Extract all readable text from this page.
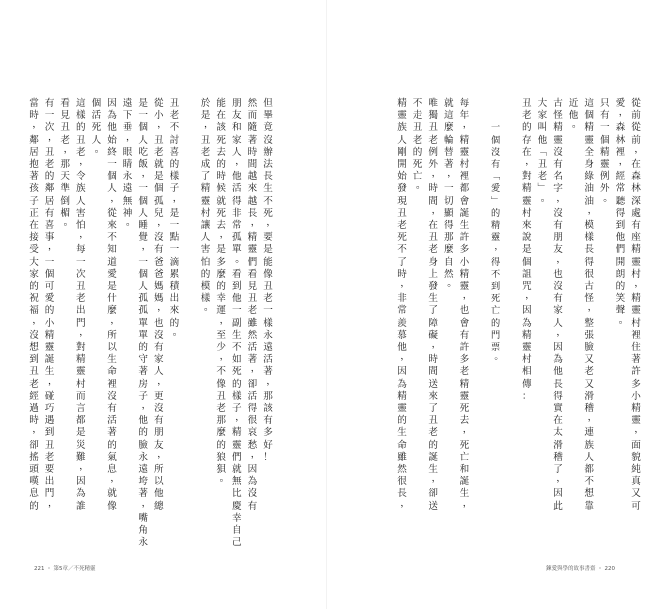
但
畢
竟
沒
辦
法
長
生
不
死
，
要
是
能
像
丑
老
一
樣
永
遠
活
著
，
那
該
有
多
好
！
然
而
隨
著
時
間
越
來
越
長
，
精
靈
們
看
見
丑
老
雖
然
活
著
，
卻
活
得
很
哀
愁
，
因
為
沒
有
朋
友
和
家
人
，
他
活
得
非
常
孤
單
。
看
到
他
一
副
生
不
如
死
的
樣
子
，
精
靈
們
就
無
比
慶
幸
自
己
能
在
該
死
去
的
時
候
就
死
去
，
是
多
麼
的
幸
運
，
至
少
，
不
像
丑
老
那
麼
的
狼
狽
。
於
是
，
丑
老
成
了
精
靈
村
讓
人
害
怕
的
模
樣
。
丑
老
不
討
喜
的
樣
子
，
是
一
點
一
滴
累
積
出
來
的
。
從
小
，
丑
老
就
是
個
孤
兒
，
沒
有
爸
爸
媽
媽
，
也
沒
有
家
人
，
更
沒
有
朋
友
，
所
以
他
總
是
一
個
人
吃
飯
，
一
個
人
睡
覺
，
一
個
人
孤
孤
單
單
的
守
著
房
子
，
他
的
臉
永
遠
垮
著
，
嘴
角
永
遠
下
垂
，
眼
睛
永
遠
無
神
。
因
為
他
始
終
一
個
人
，
從
來
不
知
道
愛
是
什
麼
，
所
以
生
命
裡
沒
有
活
著
的
氣
息
，
就
像
個
活
死
人
。
這
樣
的
丑
老
，
令
族
人
害
怕
，
每
一
次
丑
老
出
門
，
對
精
靈
村
而
言
都
是
災
難
，
因
為
誰
看
見
丑
老
，
那
天
準
倒
楣
。
有
一
次
，
丑
老
的
鄰
居
有
喜
事
，
一
個
可
愛
的
小
精
靈
誕
生
，
碰
巧
遇
到
丑
老
要
出
門
，
當
時
，
鄰
居
抱
著
孩
子
正
在
接
受
大
家
的
祝
福
，
沒
想
到
丑
老
經
過
時
，
卻
搖
頭
嘆
息
的
221 ・ 第5章／不死精靈
從
前
從
前
，
在
森
林
深
處
有
座
精
靈
村
，
精
靈
村
裡
住
著
許
多
小
精
靈
，
面
貌
純
真
又
可
愛
，
森
林
裡
，
經
常
聽
得
到
他
們
開
朗
的
笑
聲
。
只
有
一
個
精
靈
例
外
。
這
個
精
靈
全
身
綠
油
油
，
模
樣
長
得
很
古
怪
，
整
張
臉
又
老
又
滑
稽
，
連
族
人
都
不
想
靠
近
他
。
古
怪
精
靈
沒
有
名
字
，
沒
有
朋
友
，
也
沒
有
家
人
，
因
為
他
長
得
實
在
太
滑
稽
了
，
因
此
大
家
叫
他
﹁
丑
老
﹂
。
丑
老
的
存
在
，
對
精
靈
村
來
說
是
個
詛
咒
，
因
為
精
靈
村
相
傳
：
一
個
沒
有
﹁
愛
﹂
的
精
靈
，
得
不
到
死
亡
的
門
票
。
每
年
，
精
靈
村
裡
都
會
誕
生
許
多
小
精
靈
，
也
會
有
許
多
老
精
靈
死
去
，
死
亡
和
誕
生
，
就
這
麼
輪
替
著
，
一
切
顯
得
那
麼
自
然
。
唯
獨
丑
老
例
外
，
時
間
，
在
丑
老
身
上
發
生
了
障
礙
，
時
間
送
來
了
丑
老
的
誕
生
，
卻
送
不
走
丑
老
的
死
亡
。
精
靈
族
人
剛
開
始
發
現
丑
老
死
不
了
時
，
非
常
羨
慕
他
，
因
為
精
靈
的
生
命
雖
然
很
長
，
鍊愛與學的故事書齋 ・ 220
